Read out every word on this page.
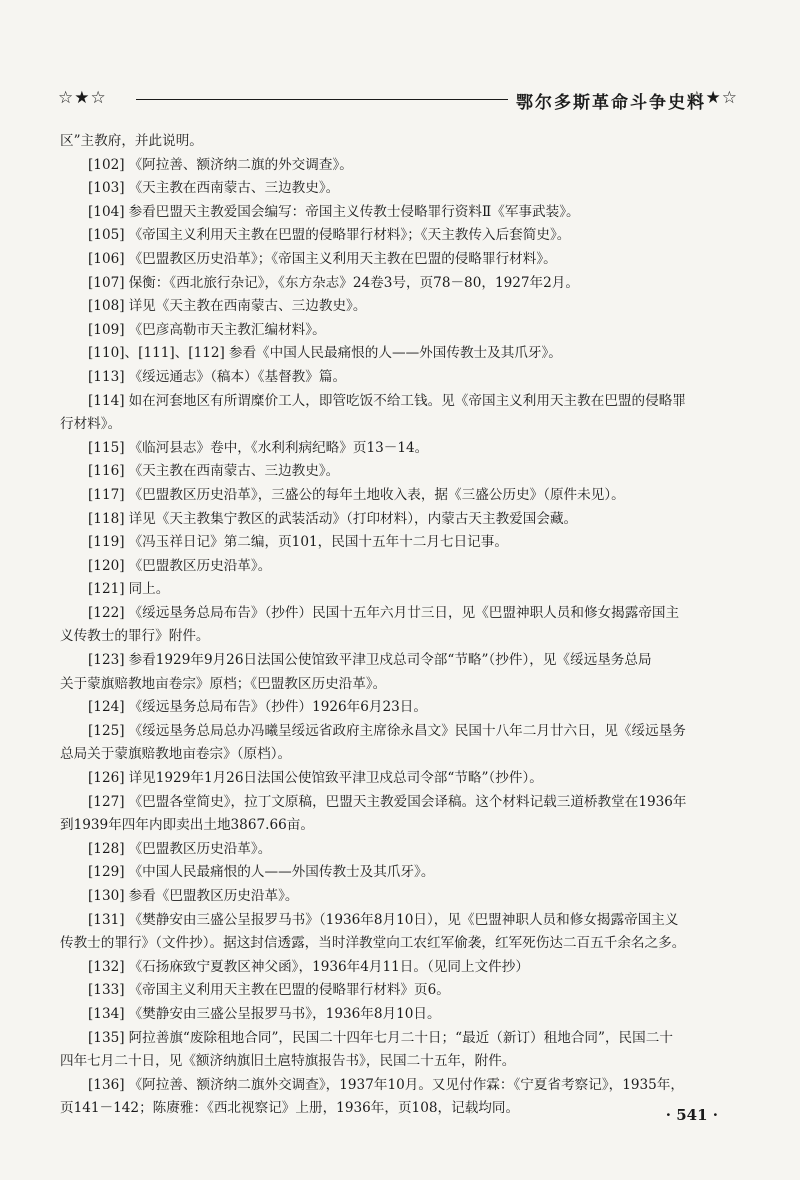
☆★☆	鄂尔多斯革命斗争史料
☆★☆

区”主教府，并此说明。

[102] 《阿拉善、额济纳二旗的外交调查》。

[103] 《天主教在西南蒙古、三边教史》。

[104] 参看巴盟天主教爱国会编写：帝国主义传教士侵略罪行资料Ⅱ《军事武装》。

[105] 《帝国主义利用天主教在巴盟的侵略罪行材料》；《天主教传入后套简史》。

[106] 《巴盟教区历史沿革》；《帝国主义利用天主教在巴盟的侵略罪行材料》。

[107] 保衡：《西北旅行杂记》，《东方杂志》24卷3号，页78－80，1927年2月。

[108] 详见《天主教在西南蒙古、三边教史》。

[109] 《巴彦高勒市天主教汇编材料》。

[110]、[111]、[112] 参看《中国人民最痛恨的人——外国传教士及其爪牙》。

[113] 《绥远通志》（稿本）《基督教》篇。

[114] 如在河套地区有所谓糜价工人，即管吃饭不给工钱。见《帝国主义利用天主教在巴盟的侵略罪

行材料》。

[115] 《临河县志》卷中，《水利利病纪略》页13－14。

[116] 《天主教在西南蒙古、三边教史》。

[117] 《巴盟教区历史沿革》，三盛公的每年土地收入表，据《三盛公历史》（原件未见）。

[118] 详见《天主教集宁教区的武装活动》（打印材料），内蒙古天主教爱国会藏。

[119] 《冯玉祥日记》第二编，页101，民国十五年十二月七日记事。

[120] 《巴盟教区历史沿革》。

[121] 同上。

[122] 《绥远垦务总局布告》（抄件）民国十五年六月廿三日，见《巴盟神职人员和修女揭露帝国主

义传教士的罪行》附件。

[123] 参看1929年9月26日法国公使馆致平津卫戍总司令部“节略”（抄件），见《绥远垦务总局

关于蒙旗赔教地亩卷宗》原档；《巴盟教区历史沿革》。

[124] 《绥远垦务总局布告》（抄件）1926年6月23日。

[125] 《绥远垦务总局总办冯曦呈绥远省政府主席徐永昌文》民国十八年二月廿六日，见《绥远垦务

总局关于蒙旗赔教地亩卷宗》（原档）。

[126] 详见1929年1月26日法国公使馆致平津卫戍总司令部“节略”（抄件）。

[127] 《巴盟各堂简史》，拉丁文原稿，巴盟天主教爱国会译稿。这个材料记载三道桥教堂在1936年

到1939年四年内即卖出土地3867.66亩。

[128] 《巴盟教区历史沿革》。

[129] 《中国人民最痛恨的人——外国传教士及其爪牙》。

[130] 参看《巴盟教区历史沿革》。

[131] 《樊静安由三盛公呈报罗马书》（1936年8月10日），见《巴盟神职人员和修女揭露帝国主义

传教士的罪行》（文件抄）。据这封信透露，当时洋教堂向工农红军偷袭，红军死伤达二百五千余名之多。

[132] 《石扬庥致宁夏教区神父函》，1936年4月11日。（见同上文件抄）

[133] 《帝国主义利用天主教在巴盟的侵略罪行材料》页6。

[134] 《樊静安由三盛公呈报罗马书》，1936年8月10日。

[135] 阿拉善旗“废除租地合同”，民国二十四年七月二十日；“最近（新订）租地合同”，民国二十

四年七月二十日，见《额济纳旗旧土扈特旗报告书》，民国二十五年，附件。

[136] 《阿拉善、额济纳二旗外交调查》，1937年10月。又见付作霖：《宁夏省考察记》，1935年，

页141－142；陈赓雅：《西北视察记》上册，1936年，页108，记载均同。	· 541 ·
